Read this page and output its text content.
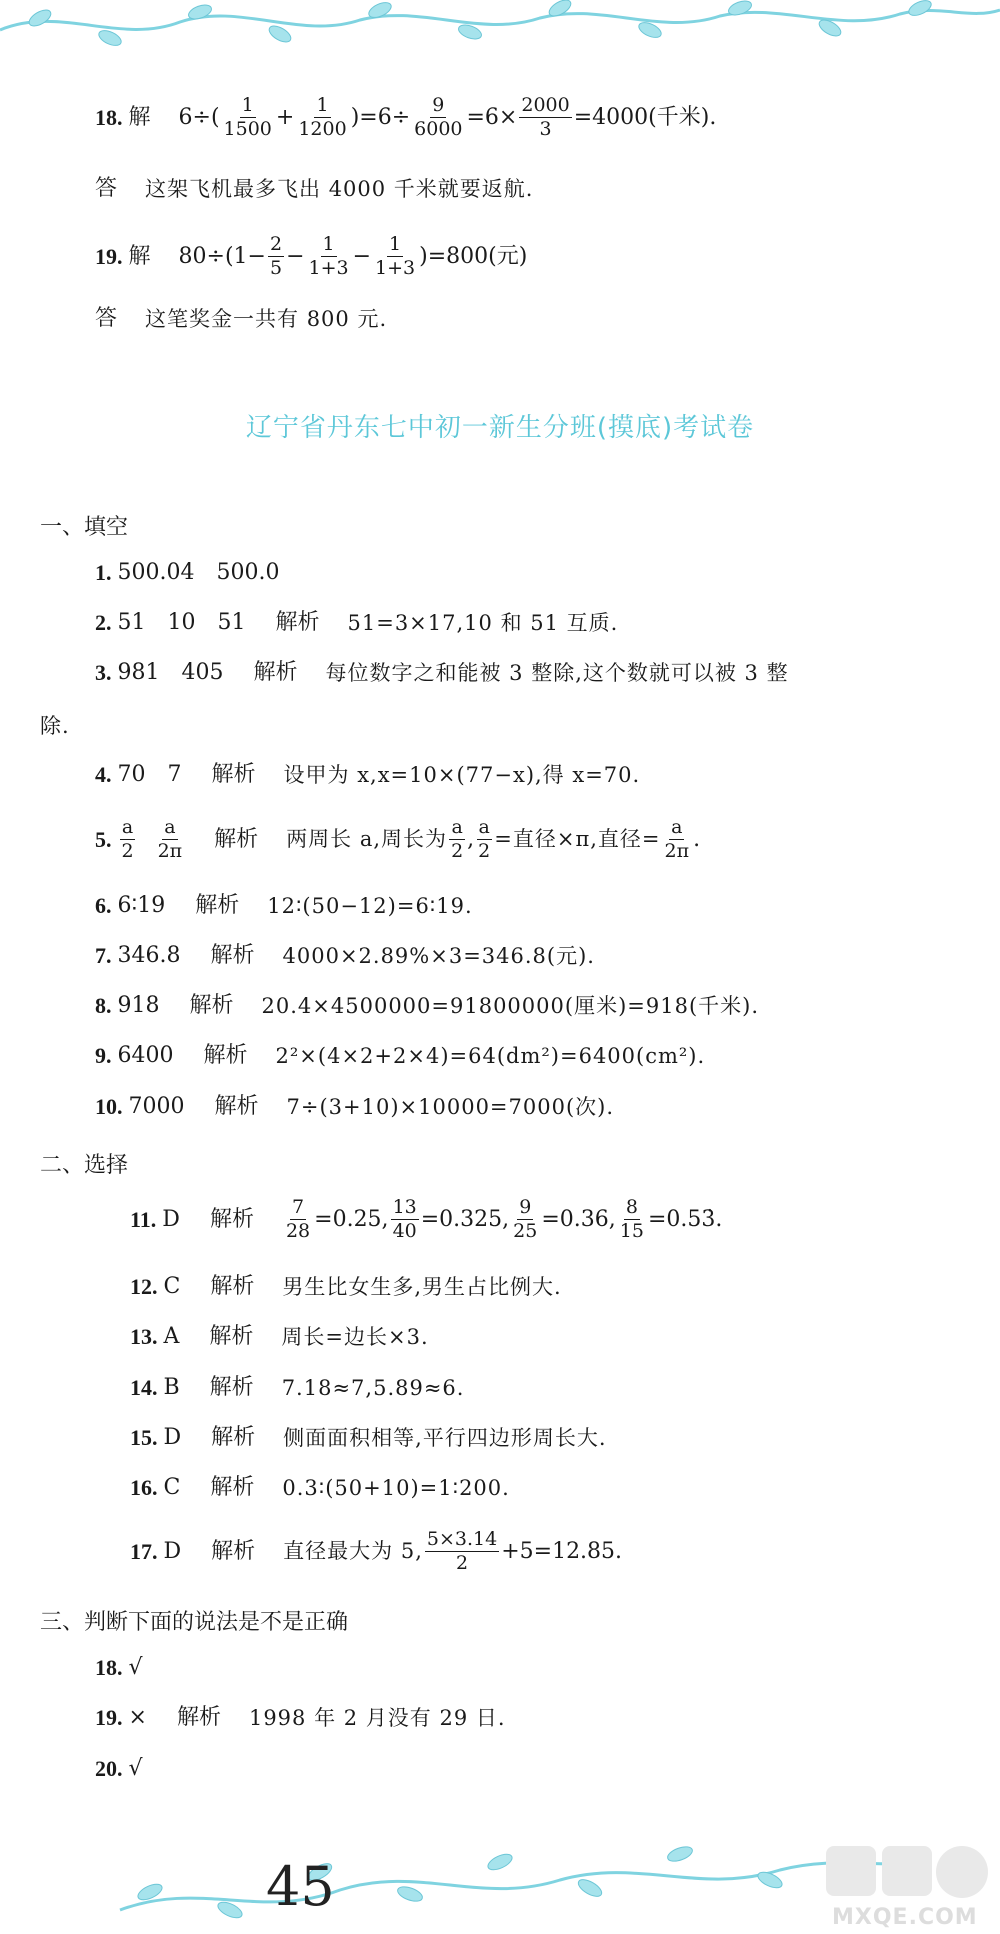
18. 解 $6\div( \frac{1}{1500} + \frac{1}{1200} )=6\div \frac{9}{6000} =6\times \frac{2000}{3} =4000$(千米).
答 这架飞机最多飞出 4000 千米就要返航.
19. 解 $80\div(1- \frac{2}{5} - \frac{1}{1+3} - \frac{1}{1+3} )=800$(元)
答 这笔奖金一共有 800 元.
辽宁省丹东七中初一新生分班(摸底)考试卷
一、填空
1. 500.04　500.0
2. 51　10　51 解析 51=3×17,10 和 51 互质.
3. 981　405 解析 每位数字之和能被 3 整除,这个数就可以被 3 整
除.
4. 70　7 解析 设甲为 x,x=10×(77−x),得 x=70.
5. $\frac{a}{2} \frac{a}{2\pi}$ 解析 两周长 a,周长为 $\frac{a}{2}$ , $\frac{a}{2}$ =直径×π,直径= $\frac{a}{2\pi}$ .
6. 6∶19 解析 12∶(50−12)=6∶19.
7. 346.8 解析 4000×2.89%×3=346.8(元).
8. 918 解析 20.4×4500000=91800000(厘米)=918(千米).
9. 6400 解析 2²×(4×2+2×4)=64(dm²)=6400(cm²).
10. 7000 解析 7÷(3+10)×10000=7000(次).
二、选择
11. D 解析 $\frac{7}{28} =0.25$, $\frac{13}{40} =0.325$, $\frac{9}{25} =0.36$, $\frac{8}{15}$ =0.53̇.
12. C 解析 男生比女生多,男生占比例大.
13. A 解析 周长=边长×3.
14. B 解析 7.18≈7,5.89≈6.
15. D 解析 侧面面积相等,平行四边形周长大.
16. C 解析 0.3∶(50+10)=1∶200.
17. D 解析 直径最大为 5, $\frac{5\times 3.14}{2} +5=12.85$.
三、判断下面的说法是不是正确
18. √
19. × 解析 1998 年 2 月没有 29 日.
20. √
45	MXQE.COM
